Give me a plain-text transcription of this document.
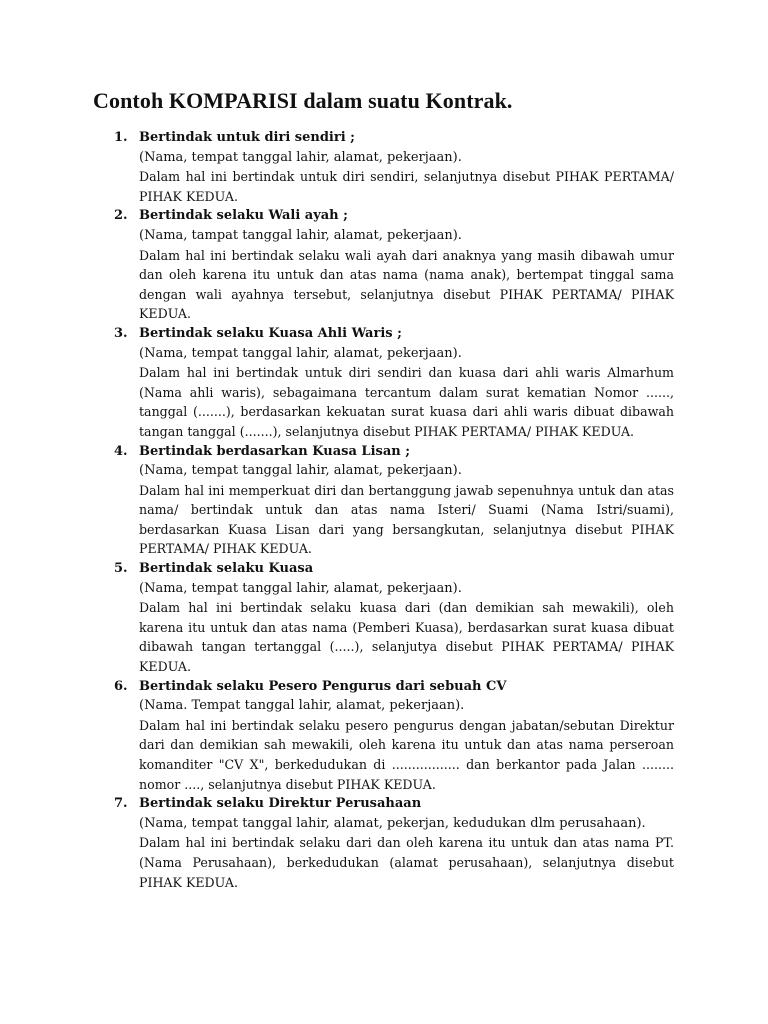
Contoh KOMPARISI dalam suatu Kontrak.
1. Bertindak untuk diri sendiri ;
(Nama, tempat tanggal lahir, alamat, pekerjaan).
Dalam hal ini bertindak untuk diri sendiri, selanjutnya disebut PIHAK PERTAMA/ PIHAK KEDUA.
2. Bertindak selaku Wali ayah ;
(Nama, tampat tanggal lahir, alamat, pekerjaan).
Dalam hal ini bertindak selaku wali ayah dari anaknya yang masih dibawah umur dan oleh karena itu untuk dan atas nama (nama anak), bertempat tinggal sama dengan wali ayahnya tersebut, selanjutnya disebut PIHAK PERTAMA/ PIHAK KEDUA.
3. Bertindak selaku Kuasa Ahli Waris ;
(Nama, tempat tanggal lahir, alamat, pekerjaan).
Dalam hal ini bertindak untuk diri sendiri dan kuasa dari ahli waris Almarhum (Nama ahli waris), sebagaimana tercantum dalam surat kematian Nomor ......, tanggal (.......), berdasarkan kekuatan surat kuasa dari ahli waris dibuat dibawah tangan tanggal (.......), selanjutnya disebut PIHAK PERTAMA/ PIHAK KEDUA.
4. Bertindak berdasarkan Kuasa Lisan ;
(Nama, tempat tanggal lahir, alamat, pekerjaan).
Dalam hal ini memperkuat diri dan bertanggung jawab sepenuhnya untuk dan atas nama/ bertindak untuk dan atas nama Isteri/ Suami (Nama Istri/suami), berdasarkan Kuasa Lisan dari yang bersangkutan, selanjutnya disebut PIHAK PERTAMA/ PIHAK KEDUA.
5. Bertindak selaku Kuasa
(Nama, tempat tanggal lahir, alamat, pekerjaan).
Dalam hal ini bertindak selaku kuasa dari (dan demikian sah mewakili), oleh karena itu untuk dan atas nama (Pemberi Kuasa), berdasarkan surat kuasa dibuat dibawah tangan tertanggal (.....), selanjutya disebut PIHAK PERTAMA/ PIHAK KEDUA.
6. Bertindak selaku Pesero Pengurus dari sebuah CV
(Nama. Tempat tanggal lahir, alamat, pekerjaan).
Dalam hal ini bertindak selaku pesero pengurus dengan jabatan/sebutan Direktur dari dan demikian sah mewakili, oleh karena itu untuk dan atas nama perseroan komanditer "CV X", berkedudukan di ................. dan berkantor pada Jalan ........ nomor ...., selanjutnya disebut PIHAK KEDUA.
7. Bertindak selaku Direktur Perusahaan
(Nama, tempat tanggal lahir, alamat, pekerjan, kedudukan dlm perusahaan).
Dalam hal ini bertindak selaku dari dan oleh karena itu untuk dan atas nama PT. (Nama Perusahaan), berkedudukan (alamat perusahaan), selanjutnya disebut PIHAK KEDUA.
